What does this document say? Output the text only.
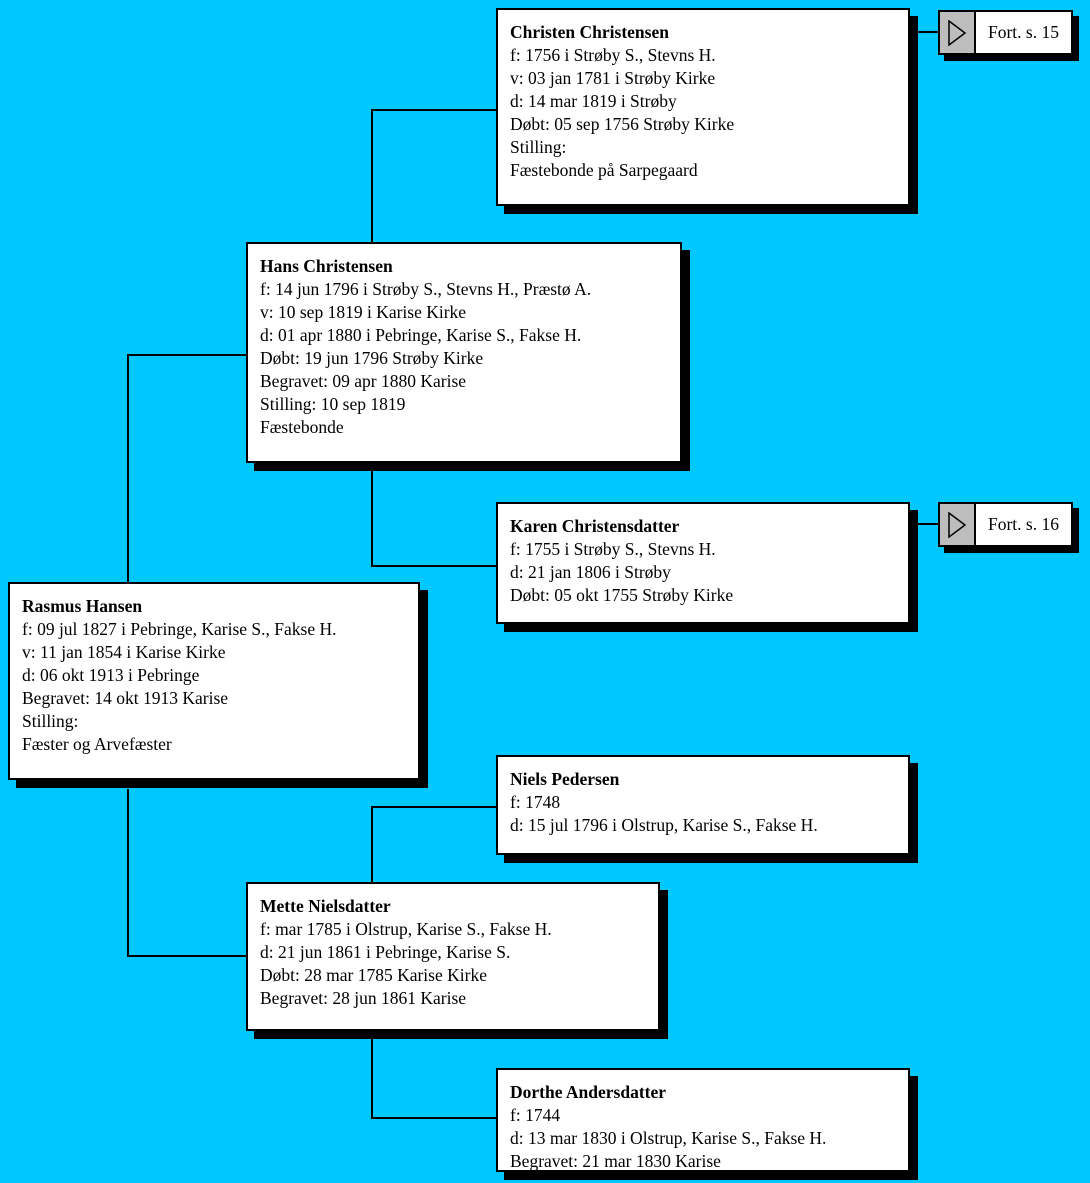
Christen Christensen
f: 1756 i Strøby S., Stevns H.
v: 03 jan 1781 i Strøby Kirke
d: 14 mar 1819 i Strøby
Døbt: 05 sep 1756 Strøby Kirke
Stilling:
Fæstebonde på Sarpegaard
Fort. s. 15
Hans Christensen
f: 14 jun 1796 i Strøby S., Stevns H., Præstø A.
v: 10 sep 1819 i Karise Kirke
d: 01 apr 1880 i Pebringe, Karise S., Fakse H.
Døbt: 19 jun 1796 Strøby Kirke
Begravet: 09 apr 1880 Karise
Stilling: 10 sep 1819
Fæstebonde
Karen Christensdatter
f: 1755 i Strøby S., Stevns H.
d: 21 jan 1806 i Strøby
Døbt: 05 okt 1755 Strøby Kirke
Fort. s. 16
Rasmus Hansen
f: 09 jul 1827 i Pebringe, Karise S., Fakse H.
v: 11 jan 1854 i Karise Kirke
d: 06 okt 1913 i Pebringe
Begravet: 14 okt 1913 Karise
Stilling:
Fæster og Arvefæster
Niels Pedersen
f: 1748
d: 15 jul 1796 i Olstrup, Karise S., Fakse H.
Mette Nielsdatter
f: mar 1785 i Olstrup, Karise S., Fakse H.
d: 21 jun 1861 i Pebringe, Karise S.
Døbt: 28 mar 1785 Karise Kirke
Begravet: 28 jun 1861 Karise
Dorthe Andersdatter
f: 1744
d: 13 mar 1830 i Olstrup, Karise S., Fakse H.
Begravet: 21 mar 1830 Karise
